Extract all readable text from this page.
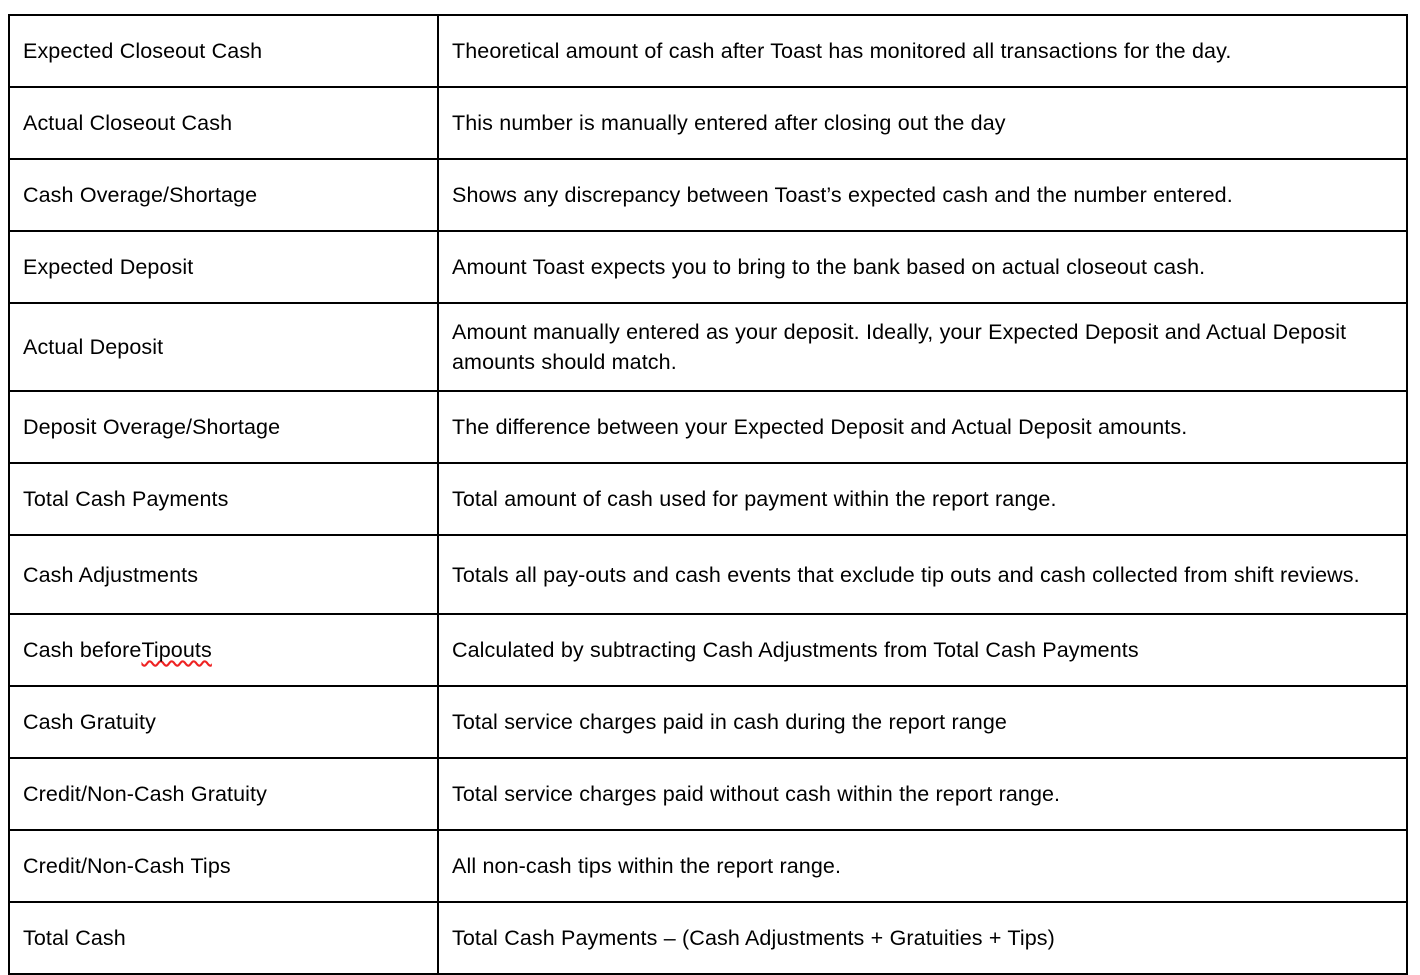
Expected Closeout Cash	Theoretical amount of cash after Toast has monitored all transactions for the day.

Actual Closeout Cash	This number is manually entered after closing out the day

Cash Overage/Shortage	Shows any discrepancy between Toast’s expected cash and the number entered.

Expected Deposit	Amount Toast expects you to bring to the bank based on actual closeout cash.

Actual Deposit	Amount manually entered as your deposit. Ideally, your Expected Deposit and Actual Deposit amounts should match.

Deposit Overage/Shortage	The difference between your Expected Deposit and Actual Deposit amounts.

Total Cash Payments	Total amount of cash used for payment within the report range.

Cash Adjustments	Totals all pay-outs and cash events that exclude tip outs and cash collected from shift reviews.

Cash before Tipouts	Calculated by subtracting Cash Adjustments from Total Cash Payments

Cash Gratuity	Total service charges paid in cash during the report range

Credit/Non-Cash Gratuity	Total service charges paid without cash within the report range.

Credit/Non-Cash Tips	All non-cash tips within the report range.

Total Cash	Total Cash Payments – (Cash Adjustments + Gratuities + Tips)
